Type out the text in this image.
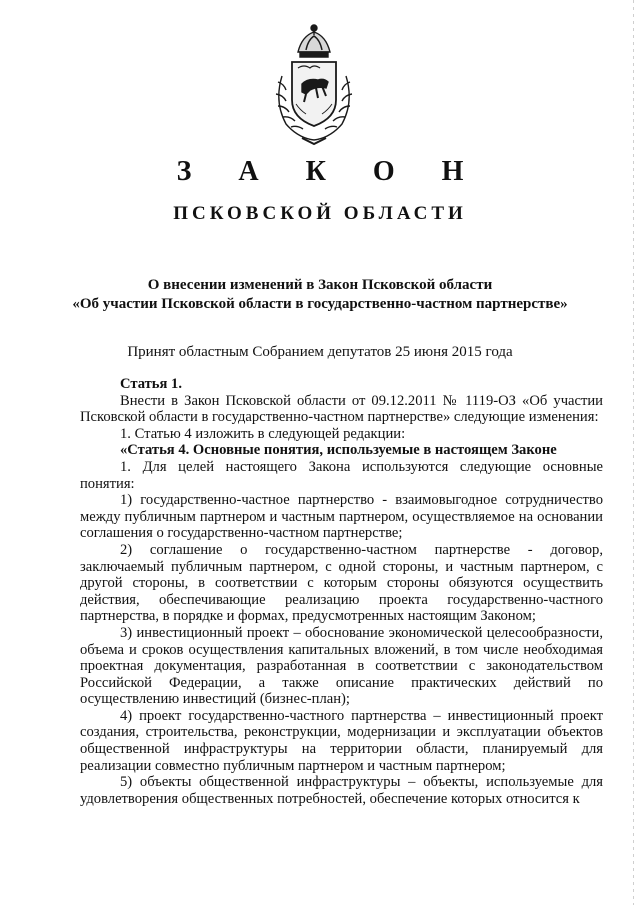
З А К О Н
ПСКОВСКОЙ ОБЛАСТИ
О внесении изменений в Закон Псковской области
«Об участии Псковской области в государственно-частном партнерстве»
Принят областным Собранием депутатов 25 июня 2015 года

Статья 1.

Внести в Закон Псковской области от 09.12.2011 № 1119-ОЗ «Об участии Псковской области в государственно-частном партнерстве» следующие изменения:

1. Статью 4 изложить в следующей редакции:

«Статья 4. Основные понятия, используемые в настоящем Законе

1. Для целей настоящего Закона используются следующие основные понятия:

1) государственно-частное партнерство - взаимовыгодное сотрудничество между публичным партнером и частным партнером, осуществляемое на основании соглашения о государственно-частном партнерстве;

2) соглашение о государственно-частном партнерстве - договор, заключаемый публичным партнером, с одной стороны, и частным партнером, с другой стороны, в соответствии с которым стороны обязуются осуществить действия, обеспечивающие реализацию проекта государственно-частного партнерства, в порядке и формах, предусмотренных настоящим Законом;

3) инвестиционный проект – обоснование экономической целесообразности, объема и сроков осуществления капитальных вложений, в том числе необходимая проектная документация, разработанная в соответствии с законодательством Российской Федерации, а также описание практических действий по осуществлению инвестиций (бизнес-план);

4) проект государственно-частного партнерства – инвестиционный проект создания, строительства, реконструкции, модернизации и эксплуатации объектов общественной инфраструктуры на территории области, планируемый для реализации совместно публичным партнером и частным партнером;

5) объекты общественной инфраструктуры – объекты, используемые для удовлетворения общественных потребностей, обеспечение которых относится к
